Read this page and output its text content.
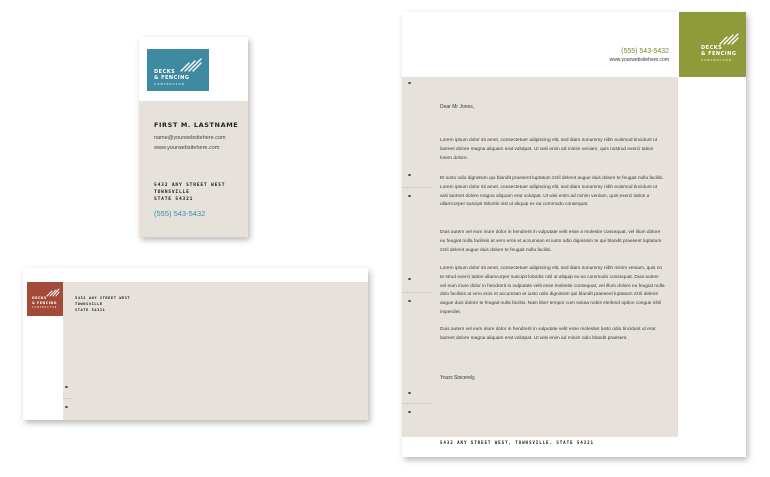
DECKS
& FENCING
CONTRACTOR
FIRST M. LASTNAME
name@yourwebsitehere.com
www.yourwebsitehere.com
5432 ANY STREET WEST
TOWNSVILLE
STATE 54321
(555) 543-5432
DECKS
& FENCING
CONTRACTOR
5432 ANY STREET WEST
TOWNSVILLE
STATE 54321
DECKS
& FENCING
CONTRACTOR
(555) 543-5432
www.yourwebsitehere.com
Dear Mr Jones,
Lorem ipsum dolor sit amet, consectetuer adipiscing elit, sed diam nonummy nibh euismod tincidunt ut laoreet dolore magna aliquam erat volutpat. Ut wisi enim ad minim veniam, quis nostrud exerci tation lorem dolore.
Et iusto odio dignissim qui blandit praesent luptatum zzril delenit augue duis dolore te feugait nulla facilisi. Lorem ipsum dolor sit amet, consectetuer adipiscing elit, sed diam nonummy nibh euismod tincidunt ut wisi laoreet dolore magna aliquam erat volutpat. Ut wisi enim ad minim veniam, quis exerci tation a ullamcorper suscipit lobortis nisl ut aliquip ex ea commodo consequat.
Duis autem vel eum iriure dolor in hendrerit in vulputate velit esse a molestie consequat, vel illum dolore eu feugiat nulla facilisis at vero eros et accumsan et iusto odio dignissim te qui blandit praesent luptatum zzril delenit augue duis dolore te feugait nulla facilisi.
Lorem ipsum dolor sit amet, consectetuer adipiscing elit, sed diam nonummy nibh minim veniam, quis no te strud exerci tation ullamcorper suscipit lobortis nisl ut aliquip ex ea commodo consequat. Duis autem vel eum iriure dolor in hendrerit in vulputate velit esse molestie consequat, vel illum dolore eu feugiat nulla dolo facilisis at vero eros et accumsan et iusto odio dignissim qui blandit praesent luptatum zzril delenit augue duis dolore te feugait nulla facilisi. Nam liber tempor cum soluta nobis eleifend option congue nihil imperdiet.
Duis autem vel eum iriure dolor in hendrerit in vulputate velit esse molestiet lusto odio tincidunt ut erat laoreet dolore magna aliquam erat volutpat. Ut wisi enim ad minim odio blandit praesent.
Yours Sincerely,
5432 ANY STREET WEST, TOWNSVILLE, STATE 54321
